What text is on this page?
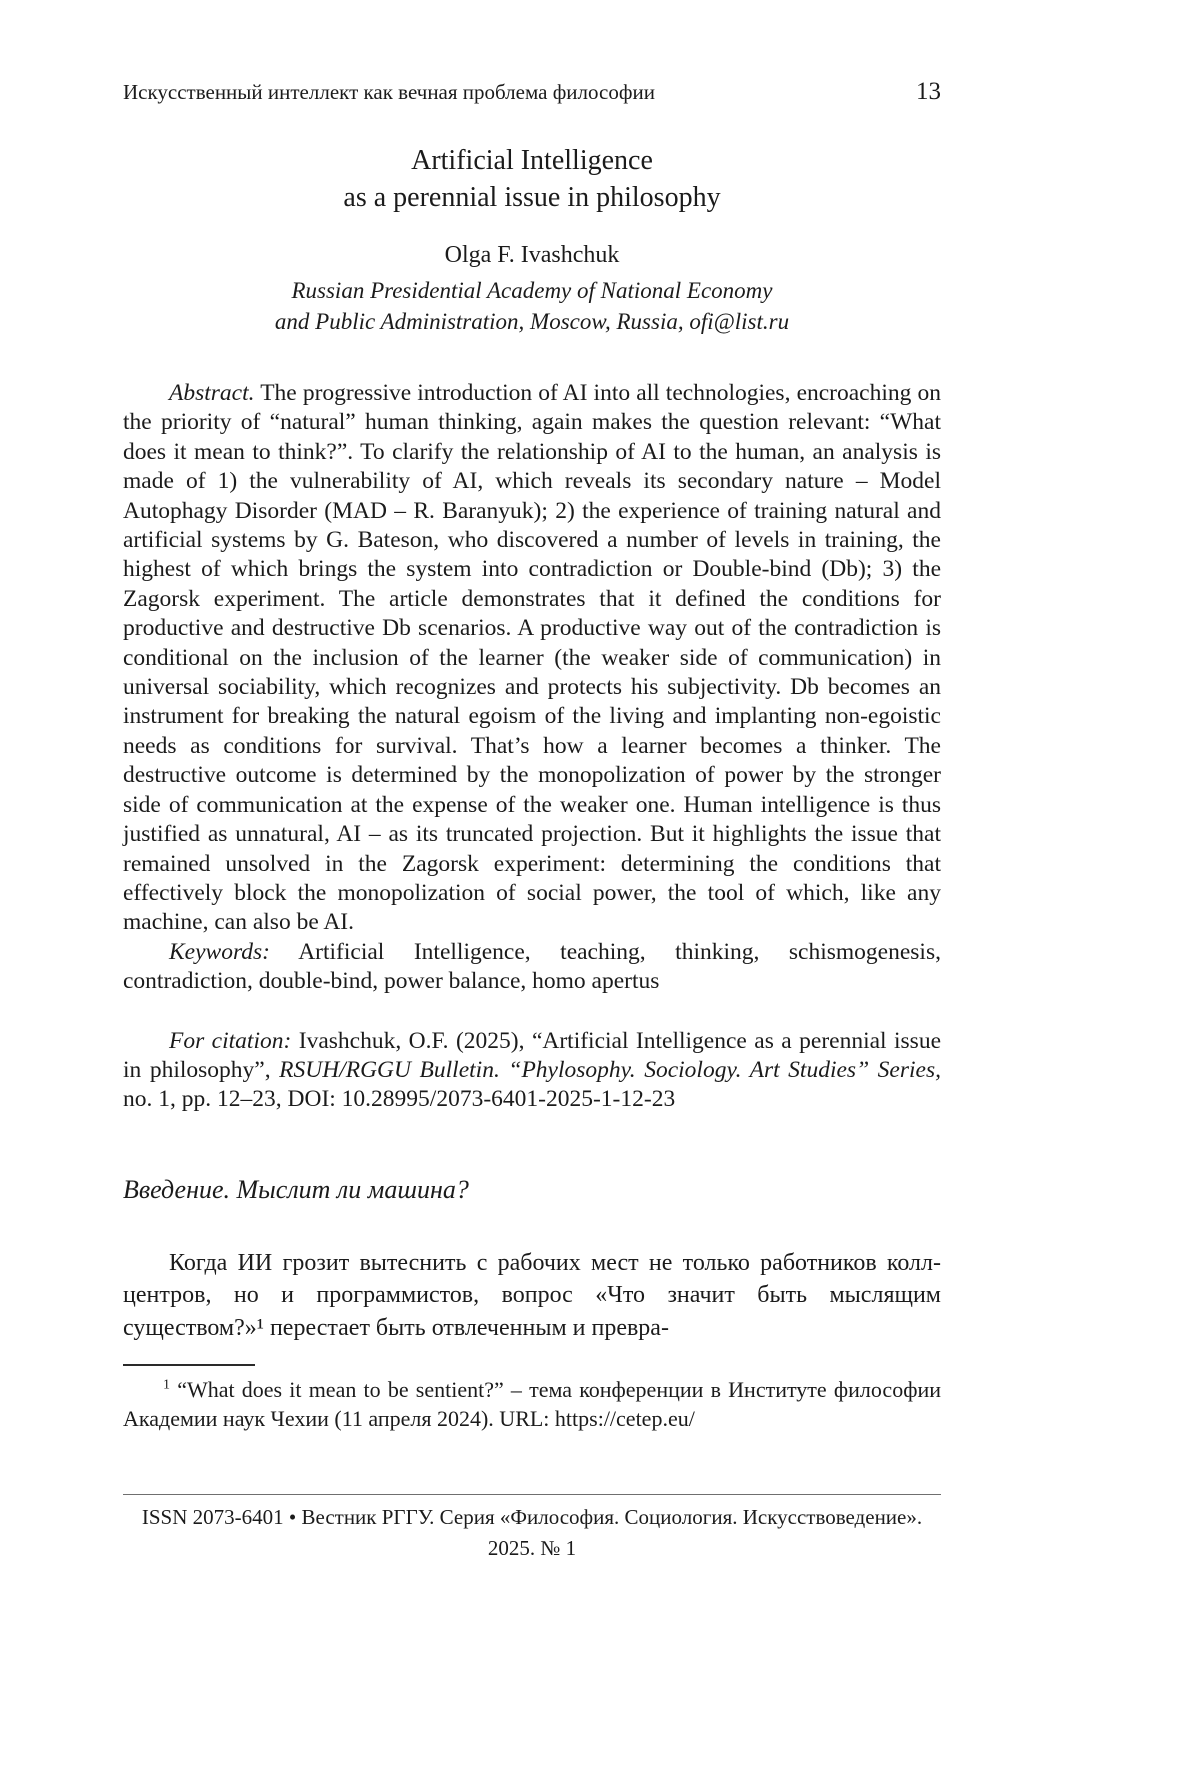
Искусственный интеллект как вечная проблема философии	13
Artificial Intelligence
as a perennial issue in philosophy
Olga F. Ivashchuk
Russian Presidential Academy of National Economy
and Public Administration, Moscow, Russia, ofi@list.ru

Abstract. The progressive introduction of AI into all technologies, encroaching on the priority of “natural” human thinking, again makes the question relevant: “What does it mean to think?”. To clarify the relationship of AI to the human, an analysis is made of 1) the vulnerability of AI, which reveals its secondary nature – Model Autophagy Disorder (MAD – R. Baranyuk); 2) the experience of training natural and artificial systems by G. Bateson, who discovered a number of levels in training, the highest of which brings the system into contradiction or Double-bind (Db); 3) the Zagorsk experiment. The article demonstrates that it defined the conditions for productive and destructive Db scenarios. A productive way out of the contradiction is conditional on the inclusion of the learner (the weaker side of communication) in universal sociability, which recognizes and protects his subjectivity. Db becomes an instrument for breaking the natural egoism of the living and implanting non-egoistic needs as conditions for survival. That’s how a learner becomes a thinker. The destructive outcome is determined by the monopolization of power by the stronger side of communication at the expense of the weaker one. Human intelligence is thus justified as unnatural, AI – as its truncated projection. But it highlights the issue that remained unsolved in the Zagorsk experiment: determining the conditions that effectively block the monopolization of social power, the tool of which, like any machine, can also be AI.

Keywords: Artificial Intelligence, teaching, thinking, schismogenesis, contradiction, double-bind, power balance, homo apertus

For citation: Ivashchuk, O.F. (2025), “Artificial Intelligence as a perennial issue in philosophy”, RSUH/RGGU Bulletin. “Phylosophy. Sociology. Art Studies” Series, no. 1, pp. 12–23, DOI: 10.28995/2073-6401-2025-1-12-23

Введение. Мыслит ли машина?

Когда ИИ грозит вытеснить с рабочих мест не только работников колл-центров, но и программистов, вопрос «Что значит быть мыслящим существом?»¹ перестает быть отвлеченным и превра-

$^1$ “What does it mean to be sentient?” – тема конференции в Институте философии Академии наук Чехии (11 апреля 2024). URL: https://cetep.eu/

ISSN 2073-6401 • Вестник РГГУ. Серия «Философия. Социология. Искусствоведение».
2025. № 1
